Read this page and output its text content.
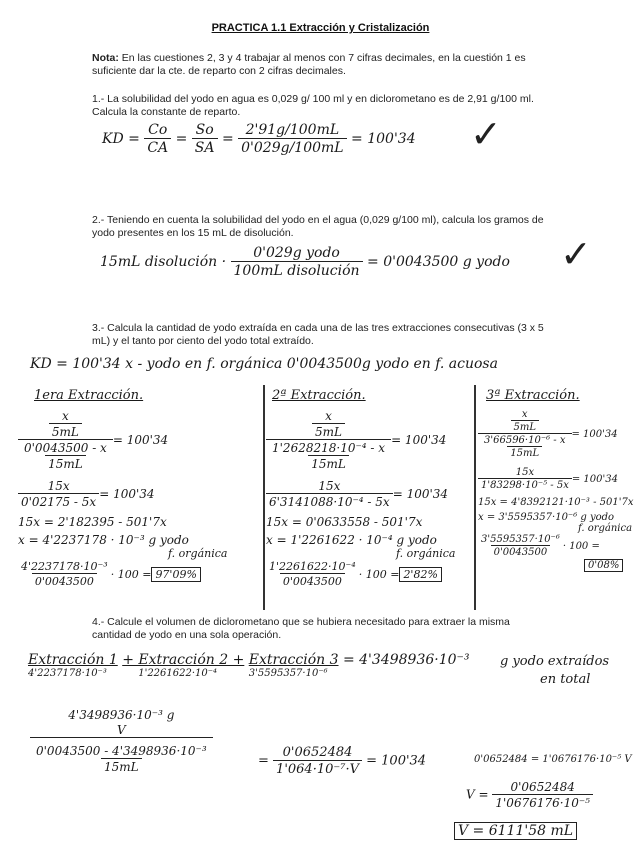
PRACTICA 1.1 Extracción y Cristalización
Nota: En las cuestiones 2, 3 y 4 trabajar al menos con 7 cifras decimales, en la cuestión 1 es suficiente dar la cte. de reparto con 2 cifras decimales.
1.- La solubilidad del yodo en agua es 0,029 g/ 100 ml y en diclorometano es de 2,91 g/100 ml. Calcula la constante de reparto.
KD = $\frac{Co}{CA} = \frac{So}{SA} = \frac{2'91g/100mL}{0'029g/100mL} = 100'34$ ✓
2.- Teniendo en cuenta la solubilidad del yodo en el agua (0,029 g/100 ml), calcula los gramos de yodo presentes en los 15 mL de disolución.
15mL disolución · $\frac{\text{0'029g yodo}}{\text{100mL disolución}} = 0'0043500$ g yodo ✓
3.- Calcula la cantidad de yodo extraída en cada una de las tres extracciones consecutivas (3 x 5 mL) y el tanto por ciento del yodo total extraído.
KD = 100'34 x - yodo en f. orgánica 0'0043500g yodo en f. acuosa
1era Extracción.
$\frac{\frac{x}{5mL}}{\frac{0'0043500 - x}{15mL}} = 100'34$
$\frac{15x}{0'02175 - 5x} = 100'34$
15x = 2'182395 - 501'7x
x = 4'2237178 · 10⁻³ g yodo
f. orgánica
$\frac{\text{4'2237178·10⁻³}}{0'0043500} \cdot 100 = 97'09\%$
2ª Extracción.
$\frac{\frac{x}{5mL}}{\frac{\text{1'2628218·10⁻⁴ - x}}{15mL}} = 100'34$
$\frac{15x}{\text{6'3141088·10⁻⁴ - 5x}} = 100'34$
15x = 0'0633558 - 501'7x
x = 1'2261622 · 10⁻⁴ g yodo
f. orgánica
$\frac{\text{1'2261622·10⁻⁴}}{0'0043500} \cdot 100 = 2'82\%$
3ª Extracción.
$\frac{\frac{x}{5mL}}{\frac{\text{3'66596·10⁻⁶ - x}}{15mL}} = 100'34$
$\frac{15x}{\text{1'83298·10⁻⁵ - 5x}} = 100'34$
15x = 4'8392121·10⁻³ - 501'7x
x = 3'5595357·10⁻⁶ g yodo
f. orgánica
$\frac{\text{3'5595357·10⁻⁶}}{0'0043500} \cdot 100$ =
0'08%
4.- Calcule el volumen de diclorometano que se hubiera necesitado para extraer la misma cantidad de yodo en una sola operación.
$\frac{\text{Extracción 1}}{\text{4'2237178·10⁻³}}$
$\frac{\text{+ Extracción 2 +}}{\text{1'2261622·10⁻⁴}}$
$\frac{\text{Extracción 3}}{\text{3'5595357·10⁻⁶}} = 4'3498936\cdot 10^{-3}$ g yodo extraídos
en total
4'3498936·10⁻³ g
V
$\frac{\text{0'0043500 - 4'3498936·10⁻³}}{15mL}$	= $\frac{0'0652484}{\text{1'064·10⁻⁷·V}} = 100'34$	0'0652484 = 1'0676176·10⁻⁵ V
$V = \frac{0'0652484}{\text{1'0676176·10⁻⁵}}$
V = 6111'58 mL
